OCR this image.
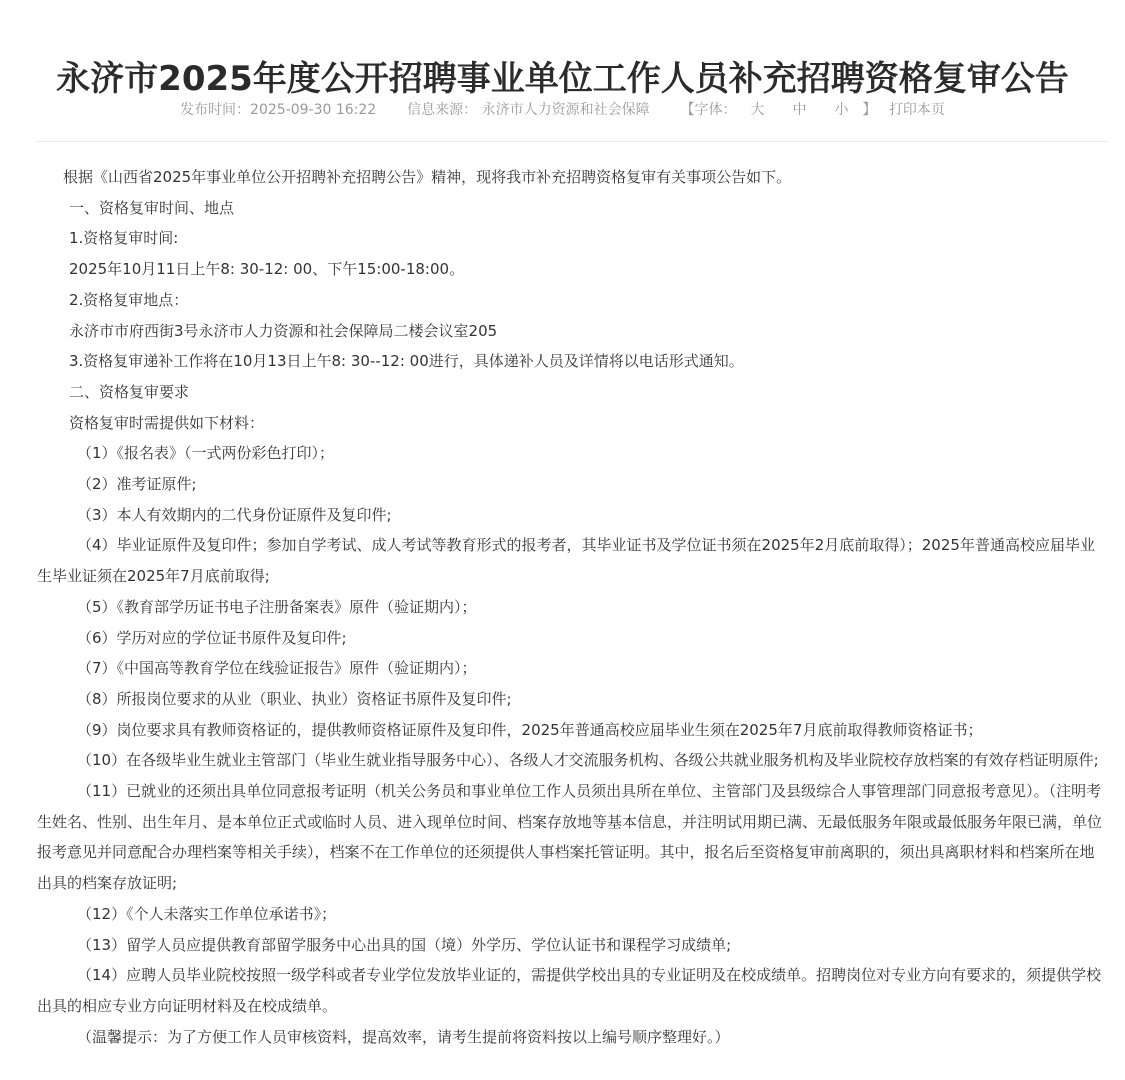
永济市2025年度公开招聘事业单位工作人员补充招聘资格复审公告
发布时间：2025-09-30 16:22 信息来源： 永济市人力资源和社会保障 【字体： 大 中 小 】 打印本页

根据《山西省2025年事业单位公开招聘补充招聘公告》精神，现将我市补充招聘资格复审有关事项公告如下。

一、资格复审时间、地点

1.资格复审时间:

2025年10月11日上午8: 30-12: 00、下午15:00-18:00。

2.资格复审地点：

永济市市府西街3号永济市人力资源和社会保障局二楼会议室205

3.资格复审递补工作将在10月13日上午8: 30--12: 00进行，具体递补人员及详情将以电话形式通知。

二、资格复审要求

资格复审时需提供如下材料：

（1）《报名表》（一式两份彩色打印）；

（2）准考证原件;

（3）本人有效期内的二代身份证原件及复印件;

（4）毕业证原件及复印件；参加自学考试、成人考试等教育形式的报考者，其毕业证书及学位证书须在2025年2月底前取得）；2025年普通高校应届毕业生毕业证须在2025年7月底前取得;

（5）《教育部学历证书电子注册备案表》原件（验证期内）；

（6）学历对应的学位证书原件及复印件;

（7）《中国高等教育学位在线验证报告》原件（验证期内）；

（8）所报岗位要求的从业（职业、执业）资格证书原件及复印件;

（9）岗位要求具有教师资格证的，提供教师资格证原件及复印件，2025年普通高校应届毕业生须在2025年7月底前取得教师资格证书；

（10）在各级毕业生就业主管部门（毕业生就业指导服务中心）、各级人才交流服务机构、各级公共就业服务机构及毕业院校存放档案的有效存档证明原件;

（11）已就业的还须出具单位同意报考证明（机关公务员和事业单位工作人员须出具所在单位、主管部门及县级综合人事管理部门同意报考意见）。（注明考生姓名、性别、出生年月、是本单位正式或临时人员、进入现单位时间、档案存放地等基本信息，并注明试用期已满、无最低服务年限或最低服务年限已满，单位报考意见并同意配合办理档案等相关手续），档案不在工作单位的还须提供人事档案托管证明。其中，报名后至资格复审前离职的，须出具离职材料和档案所在地出具的档案存放证明;

（12）《个人未落实工作单位承诺书》；

（13）留学人员应提供教育部留学服务中心出具的国（境）外学历、学位认证书和课程学习成绩单;

（14）应聘人员毕业院校按照一级学科或者专业学位发放毕业证的，需提供学校出具的专业证明及在校成绩单。招聘岗位对专业方向有要求的，须提供学校出具的相应专业方向证明材料及在校成绩单。

（温馨提示：为了方便工作人员审核资料，提高效率，请考生提前将资料按以上编号顺序整理好。）
